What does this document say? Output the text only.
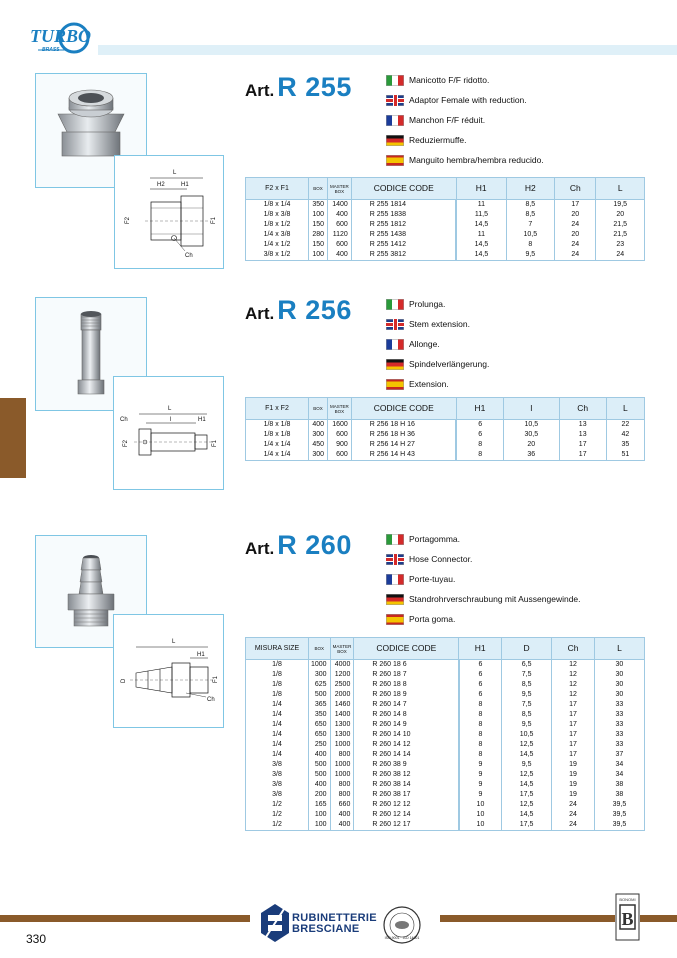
TURBO
BRASS
L
H2	H1
F2	F1
Ch
Art. R 255	Manicotto F/F ridotto.
Adaptor Female with reduction.
Manchon F/F réduit.
Reduziermuffe.
Manguito hembra/hembra reducido.
F2 x F1	BOX	MASTER BOX	CODICE CODE	H1	H2	Ch	L
1/8 x 1/4	350	1400	R 255 1814	11	8,5	17	19,5
1/8 x 3/8	100	400	R 255 1838	11,5	8,5	20	20
1/8 x 1/2	150	600	R 255 1812	14,5	7	24	21,5
1/4 x 3/8	280	1120	R 255 1438	11	10,5	20	21,5
1/4 x 1/2	150	600	R 255 1412	14,5	8	24	23
3/8 x 1/2	100	400	R 255 3812	14,5	9,5	24	24
L
l	H1
Ch
F2	F1
Art. R 256	Prolunga.
Stem extension.
Allonge.
Spindelverlängerung.
Extension.
F1 x F2	BOX	MASTER BOX	CODICE CODE	H1	l	Ch	L
1/8 x 1/8	400	1600	R 256 18 H 16	6	10,5	13	22
1/8 x 1/8	300	600	R 256 18 H 36	6	30,5	13	42
1/4 x 1/4	450	900	R 256 14 H 27	8	20	17	35
1/4 x 1/4	300	600	R 256 14 H 43	8	36	17	51
L
H1
D	F1
Ch
Art. R 260	Portagomma.
Hose Connector.
Porte-tuyau.
Standrohrverschraubung mit Aussengewinde.
Porta goma.
MISURA SIZE	BOX	MASTER BOX	CODICE CODE	H1	D	Ch	L
1/8	1000	4000	R 260 18 6	6	6,5	12	30
1/8	300	1200	R 260 18 7	6	7,5	12	30
1/8	625	2500	R 260 18 8	6	8,5	12	30
1/8	500	2000	R 260 18 9	6	9,5	12	30
1/4	365	1460	R 260 14 7	8	7,5	17	33
1/4	350	1400	R 260 14 8	8	8,5	17	33
1/4	650	1300	R 260 14 9	8	9,5	17	33
1/4	650	1300	R 260 14 10	8	10,5	17	33
1/4	250	1000	R 260 14 12	8	12,5	17	33
1/4	400	800	R 260 14 14	8	14,5	17	37
3/8	500	1000	R 260 38 9	9	9,5	19	34
3/8	500	1000	R 260 38 12	9	12,5	19	34
3/8	400	800	R 260 38 14	9	14,5	19	38
3/8	200	800	R 260 38 17	9	17,5	19	38
1/2	165	660	R 260 12 12	10	12,5	24	39,5
1/2	100	400	R 260 12 14	10	14,5	24	39,5
1/2	100	400	R 260 12 17	10	17,5	24	39,5
RUBINETTERIE
BRESCIANE
ISO 9001 · ISO 14001
BONOMI
B
330
